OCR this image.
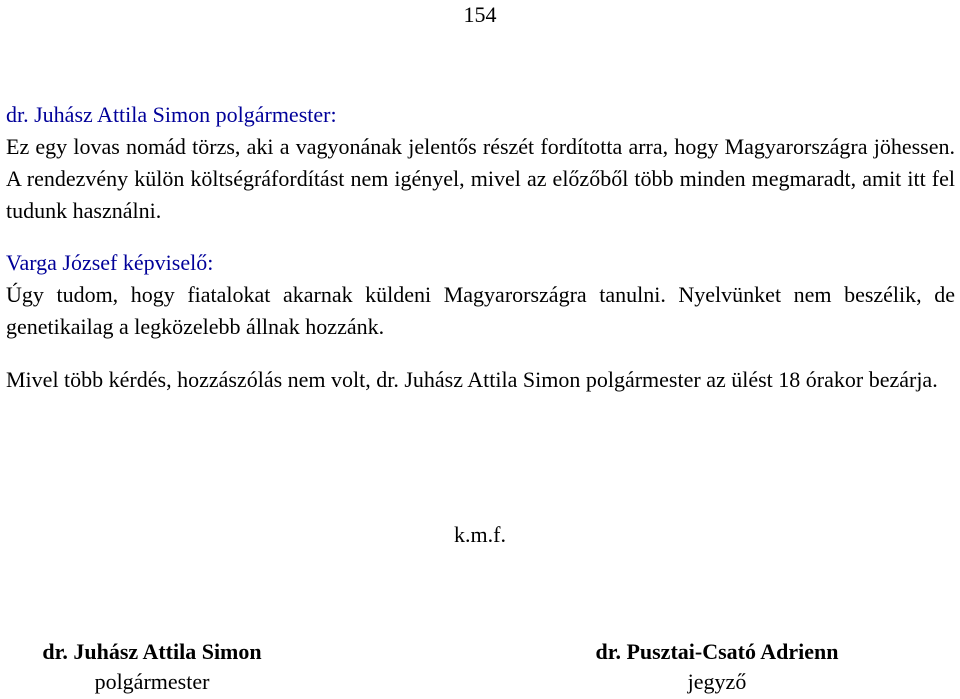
154

dr. Juhász Attila Simon polgármester:

Ez egy lovas nomád törzs, aki a vagyonának jelentős részét fordította arra, hogy Magyarországra jöhessen. A rendezvény külön költségráfordítást nem igényel, mivel az előzőből több minden megmaradt, amit itt fel tudunk használni.

Varga József képviselő:

Úgy tudom, hogy fiatalokat akarnak küldeni Magyarországra tanulni. Nyelvünket nem beszélik, de genetikailag a legközelebb állnak hozzánk.

Mivel több kérdés, hozzászólás nem volt, dr. Juhász Attila Simon polgármester az ülést 18 órakor bezárja.

k.m.f.
dr. Juhász Attila Simon
polgármester
dr. Pusztai-Csató Adrienn
jegyző
